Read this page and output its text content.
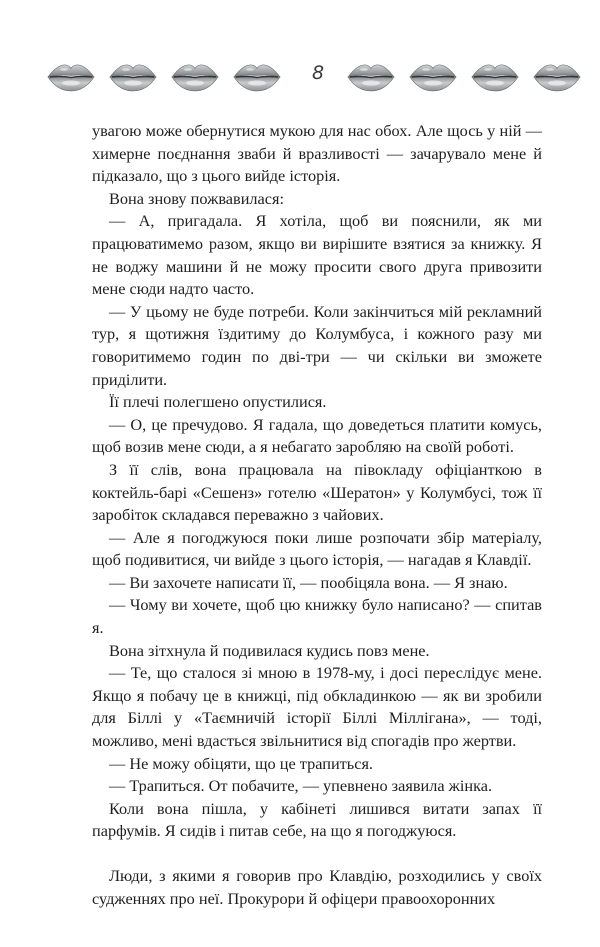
8

увагою може обернутися мукою для нас обох. Але щось у ній — химерне поєднання зваби й вразливості — зачарувало мене й підказало, що з цього вийде історія.

Вона знову пожвавилася:

— А, пригадала. Я хотіла, щоб ви пояснили, як ми працюватимемо разом, якщо ви вирішите взятися за книжку. Я не воджу машини й не можу просити свого друга привозити мене сюди надто часто.

— У цьому не буде потреби. Коли закінчиться мій рекламний тур, я щотижня їздитиму до Колумбуса, і кожного разу ми говоритимемо годин по дві-три — чи скільки ви зможете приділити.

Її плечі полегшено опустилися.

— О, це пречудово. Я гадала, що доведеться платити комусь, щоб возив мене сюди, а я небагато заробляю на своїй роботі.

З її слів, вона працювала на півокладу офіціанткою в коктейль-барі «Сешенз» готелю «Шератон» у Колумбусі, тож її заробіток складався переважно з чайових.

— Але я погоджуюся поки лише розпочати збір матеріалу, щоб подивитися, чи вийде з цього історія, — нагадав я Клавдії.

— Ви захочете написати її, — пообіцяла вона. — Я знаю.

— Чому ви хочете, щоб цю книжку було написано? — спитав я.

Вона зітхнула й подивилася кудись повз мене.

— Те, що сталося зі мною в 1978-му, і досі переслідує мене. Якщо я побачу це в книжці, під обкладинкою — як ви зробили для Біллі у «Таємничій історії Біллі Міллігана», — тоді, можливо, мені вдасться звільнитися від спогадів про жертви.

— Не можу обіцяти, що це трапиться.

— Трапиться. От побачите, — упевнено заявила жінка.

Коли вона пішла, у кабінеті лишився витати запах її парфумів. Я сидів і питав себе, на що я погоджуюся.

Люди, з якими я говорив про Клавдію, розходились у своїх судженнях про неї. Прокурори й офіцери правоохоронних
